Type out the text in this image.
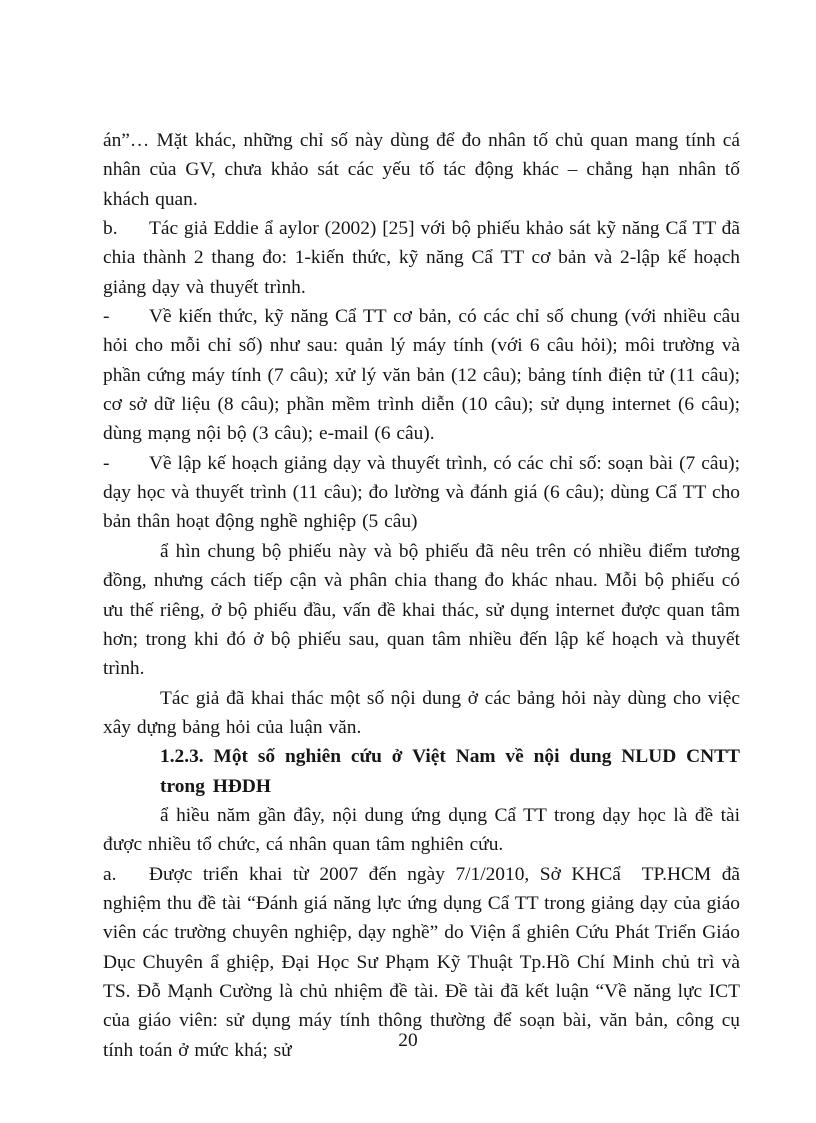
án”… Mặt khác, những chỉ số này dùng để đo nhân tố chủ quan mang tính cá nhân của GV, chưa khảo sát các yếu tố tác động khác – chẳng hạn nhân tố khách quan.

b. Tác giả Eddie ẩ aylor (2002) [25] với bộ phiếu khảo sát kỹ năng Cẩ TT đã chia thành 2 thang đo: 1-kiến thức, kỹ năng Cẩ TT cơ bản và 2-lập kế hoạch giảng dạy và thuyết trình.

- Về kiến thức, kỹ năng Cẩ TT cơ bản, có các chỉ số chung (với nhiều câu hỏi cho mỗi chỉ số) như sau: quản lý máy tính (với 6 câu hỏi); môi trường và phần cứng máy tính (7 câu); xử lý văn bản (12 câu); bảng tính điện tử (11 câu); cơ sở dữ liệu (8 câu); phần mềm trình diễn (10 câu); sử dụng internet (6 câu); dùng mạng nội bộ (3 câu); e-mail (6 câu).

- Về lập kế hoạch giảng dạy và thuyết trình, có các chỉ số: soạn bài (7 câu); dạy học và thuyết trình (11 câu); đo lường và đánh giá (6 câu); dùng Cẩ TT cho bản thân hoạt động nghề nghiệp (5 câu)

ẩ hìn chung bộ phiếu này và bộ phiếu đã nêu trên có nhiều điểm tương đồng, nhưng cách tiếp cận và phân chia thang đo khác nhau. Mỗi bộ phiếu có ưu thế riêng, ở bộ phiếu đầu, vấn đề khai thác, sử dụng internet được quan tâm hơn; trong khi đó ở bộ phiếu sau, quan tâm nhiều đến lập kế hoạch và thuyết trình.

Tác giả đã khai thác một số nội dung ở các bảng hỏi này dùng cho việc xây dựng bảng hỏi của luận văn.

1.2.3. Một số nghiên cứu ở Việt Nam về nội dung NLUD CNTT trong HĐDH

ẩ hiều năm gần đây, nội dung ứng dụng Cẩ TT trong dạy học là đề tài được nhiều tổ chức, cá nhân quan tâm nghiên cứu.

a. Được triển khai từ 2007 đến ngày 7/1/2010, Sở KHCẩ  TP.HCM đã nghiệm thu đề tài “Đánh giá năng lực ứng dụng Cẩ TT trong giảng dạy của giáo viên các trường chuyên nghiệp, dạy nghề” do Viện ẩ ghiên Cứu Phát Triển Giáo Dục Chuyên ẩ ghiệp, Đại Học Sư Phạm Kỹ Thuật Tp.Hồ Chí Minh chủ trì và TS. Đỗ Mạnh Cường là chủ nhiệm đề tài. Đề tài đã kết luận “Về năng lực ICT của giáo viên: sử dụng máy tính thông thường để soạn bài, văn bản, công cụ tính toán ở mức khá; sử	20
